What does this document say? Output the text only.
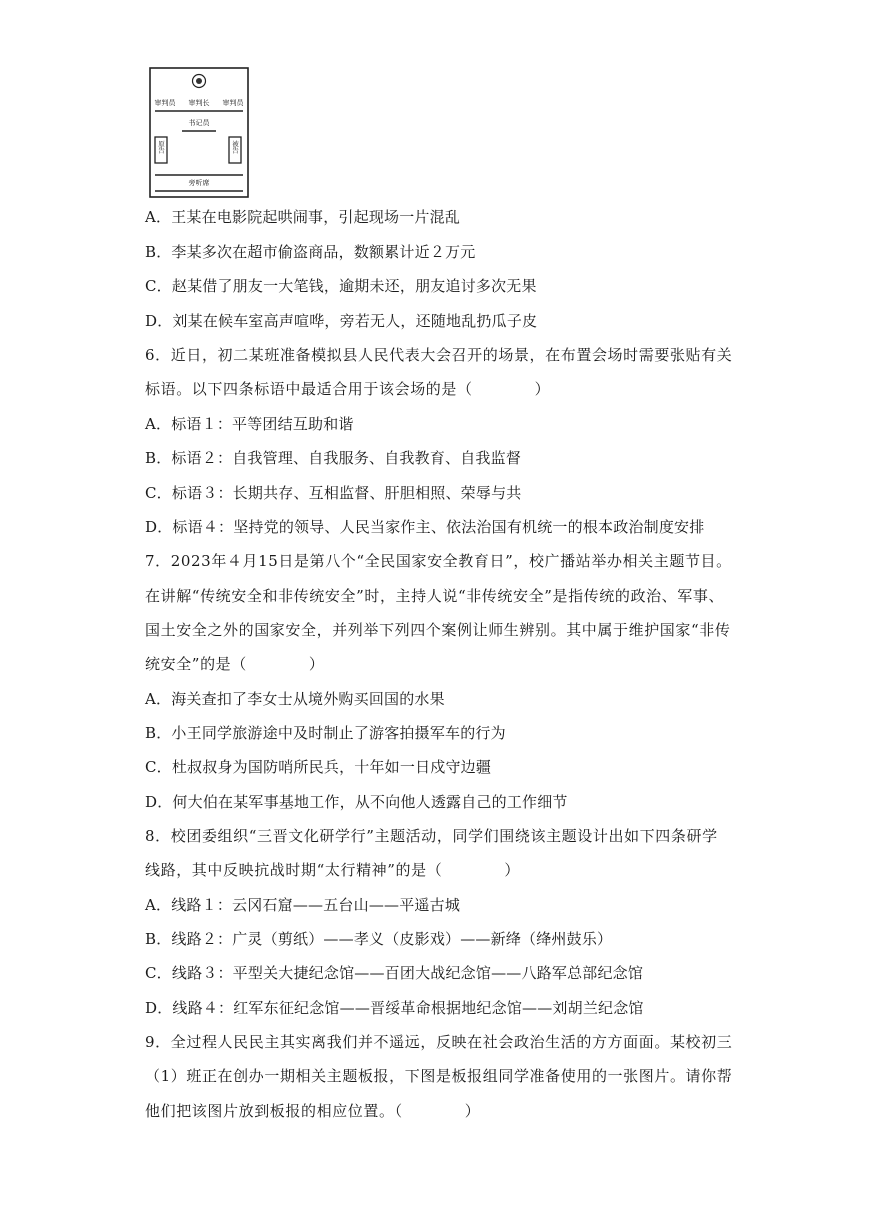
审判员 审判长 审判员
书记员
原告	被告
旁听席
A．王某在电影院起哄闹事，引起现场一片混乱
B．李某多次在超市偷盗商品，数额累计近２万元
C．赵某借了朋友一大笔钱，逾期未还，朋友追讨多次无果
D．刘某在候车室高声喧哗，旁若无人，还随地乱扔瓜子皮
6．近日，初二某班准备模拟县人民代表大会召开的场景，在布置会场时需要张贴有关
标语。以下四条标语中最适合用于该会场的是（	）
A．标语１：平等团结互助和谐
B．标语２：自我管理、自我服务、自我教育、自我监督
C．标语３：长期共存、互相监督、肝胆相照、荣辱与共
D．标语４：坚持党的领导、人民当家作主、依法治国有机统一的根本政治制度安排
7．2023年４月15日是第八个“全民国家安全教育日”，校广播站举办相关主题节目。
在讲解“传统安全和非传统安全”时，主持人说“非传统安全”是指传统的政治、军事、
国土安全之外的国家安全，并列举下列四个案例让师生辨别。其中属于维护国家“非传
统安全”的是（	）
A．海关查扣了李女士从境外购买回国的水果
B．小王同学旅游途中及时制止了游客拍摄军车的行为
C．杜叔叔身为国防哨所民兵，十年如一日戍守边疆
D．何大伯在某军事基地工作，从不向他人透露自己的工作细节
8．校团委组织“三晋文化研学行”主题活动，同学们围绕该主题设计出如下四条研学
线路，其中反映抗战时期“太行精神”的是（	）
A．线路１：云冈石窟——五台山——平遥古城
B．线路２：广灵（剪纸）——孝义（皮影戏）——新绛（绛州鼓乐）
C．线路３：平型关大捷纪念馆——百团大战纪念馆——八路军总部纪念馆
D．线路４：红军东征纪念馆——晋绥革命根据地纪念馆——刘胡兰纪念馆
9．全过程人民民主其实离我们并不遥远，反映在社会政治生活的方方面面。某校初三
（1）班正在创办一期相关主题板报，下图是板报组同学准备使用的一张图片。请你帮
他们把该图片放到板报的相应位置。（	）
